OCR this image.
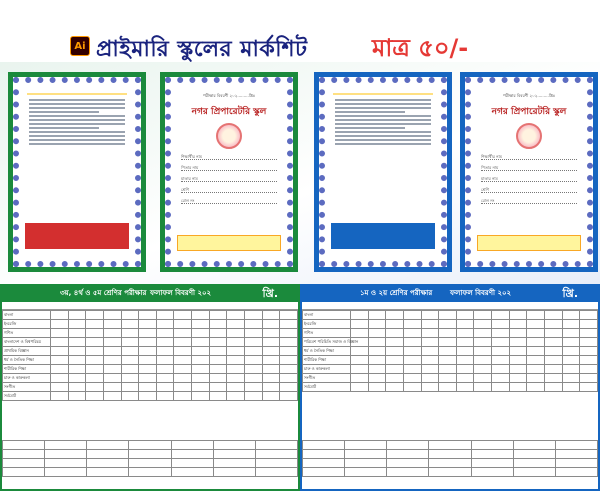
Ai প্রাইমারি স্কুলের মার্কশিট	মাত্র ৫০/-
পরীক্ষার বিবরণী ২০২.........খ্রিঃ
নগর প্রিপারেটরি স্কুল
শিক্ষার্থীর নাম
পিতার নাম
মাতার নাম
শ্রেণি
রোল নং
পরীক্ষার বিবরণী ২০২.........খ্রিঃ
নগর প্রিপারেটরি স্কুল
শিক্ষার্থীর নাম
পিতার নাম
মাতার নাম
শ্রেণি
রোল নং
৩য়, ৪র্থ ও ৫ম শ্রেণির পরীক্ষার ফলাফল বিবরণী ২০২	খ্রি.
বাংলা														
ইংরেজি														
গণিত														
বাংলাদেশ ও বিশ্বপরিচয়														
প্রাথমিক বিজ্ঞান														
ধর্ম ও নৈতিক শিক্ষা														
শারীরিক শিক্ষা														
চারু ও কারুকলা														
সংগীত														
সর্বমোট														

১ম ও ২য় শ্রেণির পরীক্ষার	ফলাফল বিবরণী ২০২	খ্রি.
বাংলা														
ইংরেজি														
গণিত														
পরিবেশ পরিচিতি সমাজ ও বিজ্ঞান														
ধর্ম ও নৈতিক শিক্ষা														
শারীরিক শিক্ষা														
চারু ও কারুকলা														
সংগীত														
সর্বমোট														
